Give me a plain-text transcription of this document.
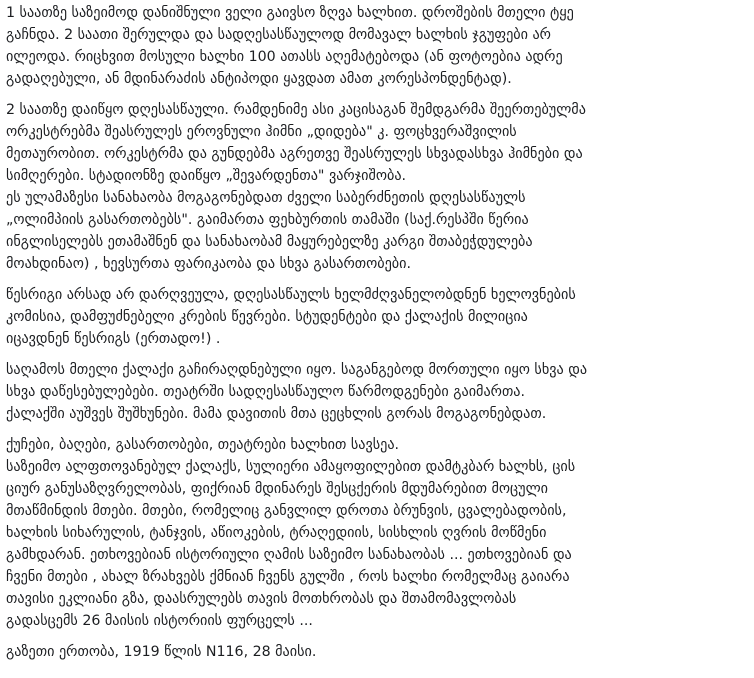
1 საათზე საზეიმოდ დანიშნული ველი გაივსო ზღვა ხალხით. დროშების მთელი ტყე
გაჩნდა. 2 საათი შერულდა და სადღესასწაულოდ მომავალ ხალხის ჯგუფები არ
ილეოდა. რიცხვით მოსული ხალხი 100 ათასს აღემატებოდა (ან ფოტოებია ადრე
გადაღებული, ან მდინარაძის ანტიპოდი ყავდათ ამათ კორესპონდენტად).

2 საათზე დაიწყო დღესასწაული. რამდენიმე ასი კაცისაგან შემდგარმა შეერთებულმა
ორკესტრებმა შეასრულეს ეროვნული ჰიმნი „დიდება" კ. ფოცხვერაშვილის
მეთაურობით. ორკესტრმა და გუნდებმა აგრეთვე შეასრულეს სხვადასხვა ჰიმნები და
სიმღერები. სტადიონზე დაიწყო „შევარდენთა" ვარჯიშობა.
ეს ულამაზესი სანახაობა მოგაგონებდათ ძველი საბერძნეთის დღესასწაულს
„ოლიმპიის გასართობებს". გაიმართა ფეხბურთის თამაში (საქ.რესპში წერია
ინგლისელებს ეთამაშნენ და სანახაობამ მაყურებელზე კარგი შთაბეჭდულება
მოახდინაო) , ხევსურთა ფარიკაობა და სხვა გასართობები.

წესრიგი არსად არ დარღვეულა, დღესასწაულს ხელმძღვანელობდნენ ხელოვნების
კომისია, დამფუძნებელი კრების წევრები. სტუდენტები და ქალაქის მილიცია
იცავდნენ წესრიგს (ერთადო!) .

საღამოს მთელი ქალაქი გაჩირაღდნებული იყო. საგანგებოდ მორთული იყო სხვა და
სხვა დაწესებულებები. თეატრში სადღესასწაულო წარმოდგენები გაიმართა.
ქალაქში აუშვეს შუშხუნები. მამა დავითის მთა ცეცხლის გორას მოგაგონებდათ.

ქუჩები, ბაღები, გასართობები, თეატრები ხალხით სავსეა.
საზეიმო ალფთოვანებულ ქალაქს, სულიერი ამაყოფილებით დამტკბარ ხალხს, ცის
ციურ განუსაზღვრელობას, ფიქრიან მდინარეს შესცქერის მდუმარებით მოცული
მთაწმინდის მთები. მთები, რომელიც განვლილ დროთა ბრუნვის, ცვალებადობის,
ხალხის სიხარულის, ტანჯვის, აწიოკების, ტრაღედიის, სისხლის ღვრის მოწმენი
გამხდარან. ეთხოვებიან ისტორიული ღამის საზეიმო სანახაობას ... ეთხოვებიან და
ჩვენი მთები , ახალ ზრახვებს ქმნიან ჩვენს გულში , როს ხალხი რომელმაც გაიარა
თავისი ეკლიანი გზა, დაასრულებს თავის მოთხრობას და შთამომავლობას
გადასცემს 26 მაისის ისტორიის ფურცელს ...

გაზეთი ერთობა, 1919 წლის N116, 28 მაისი.
